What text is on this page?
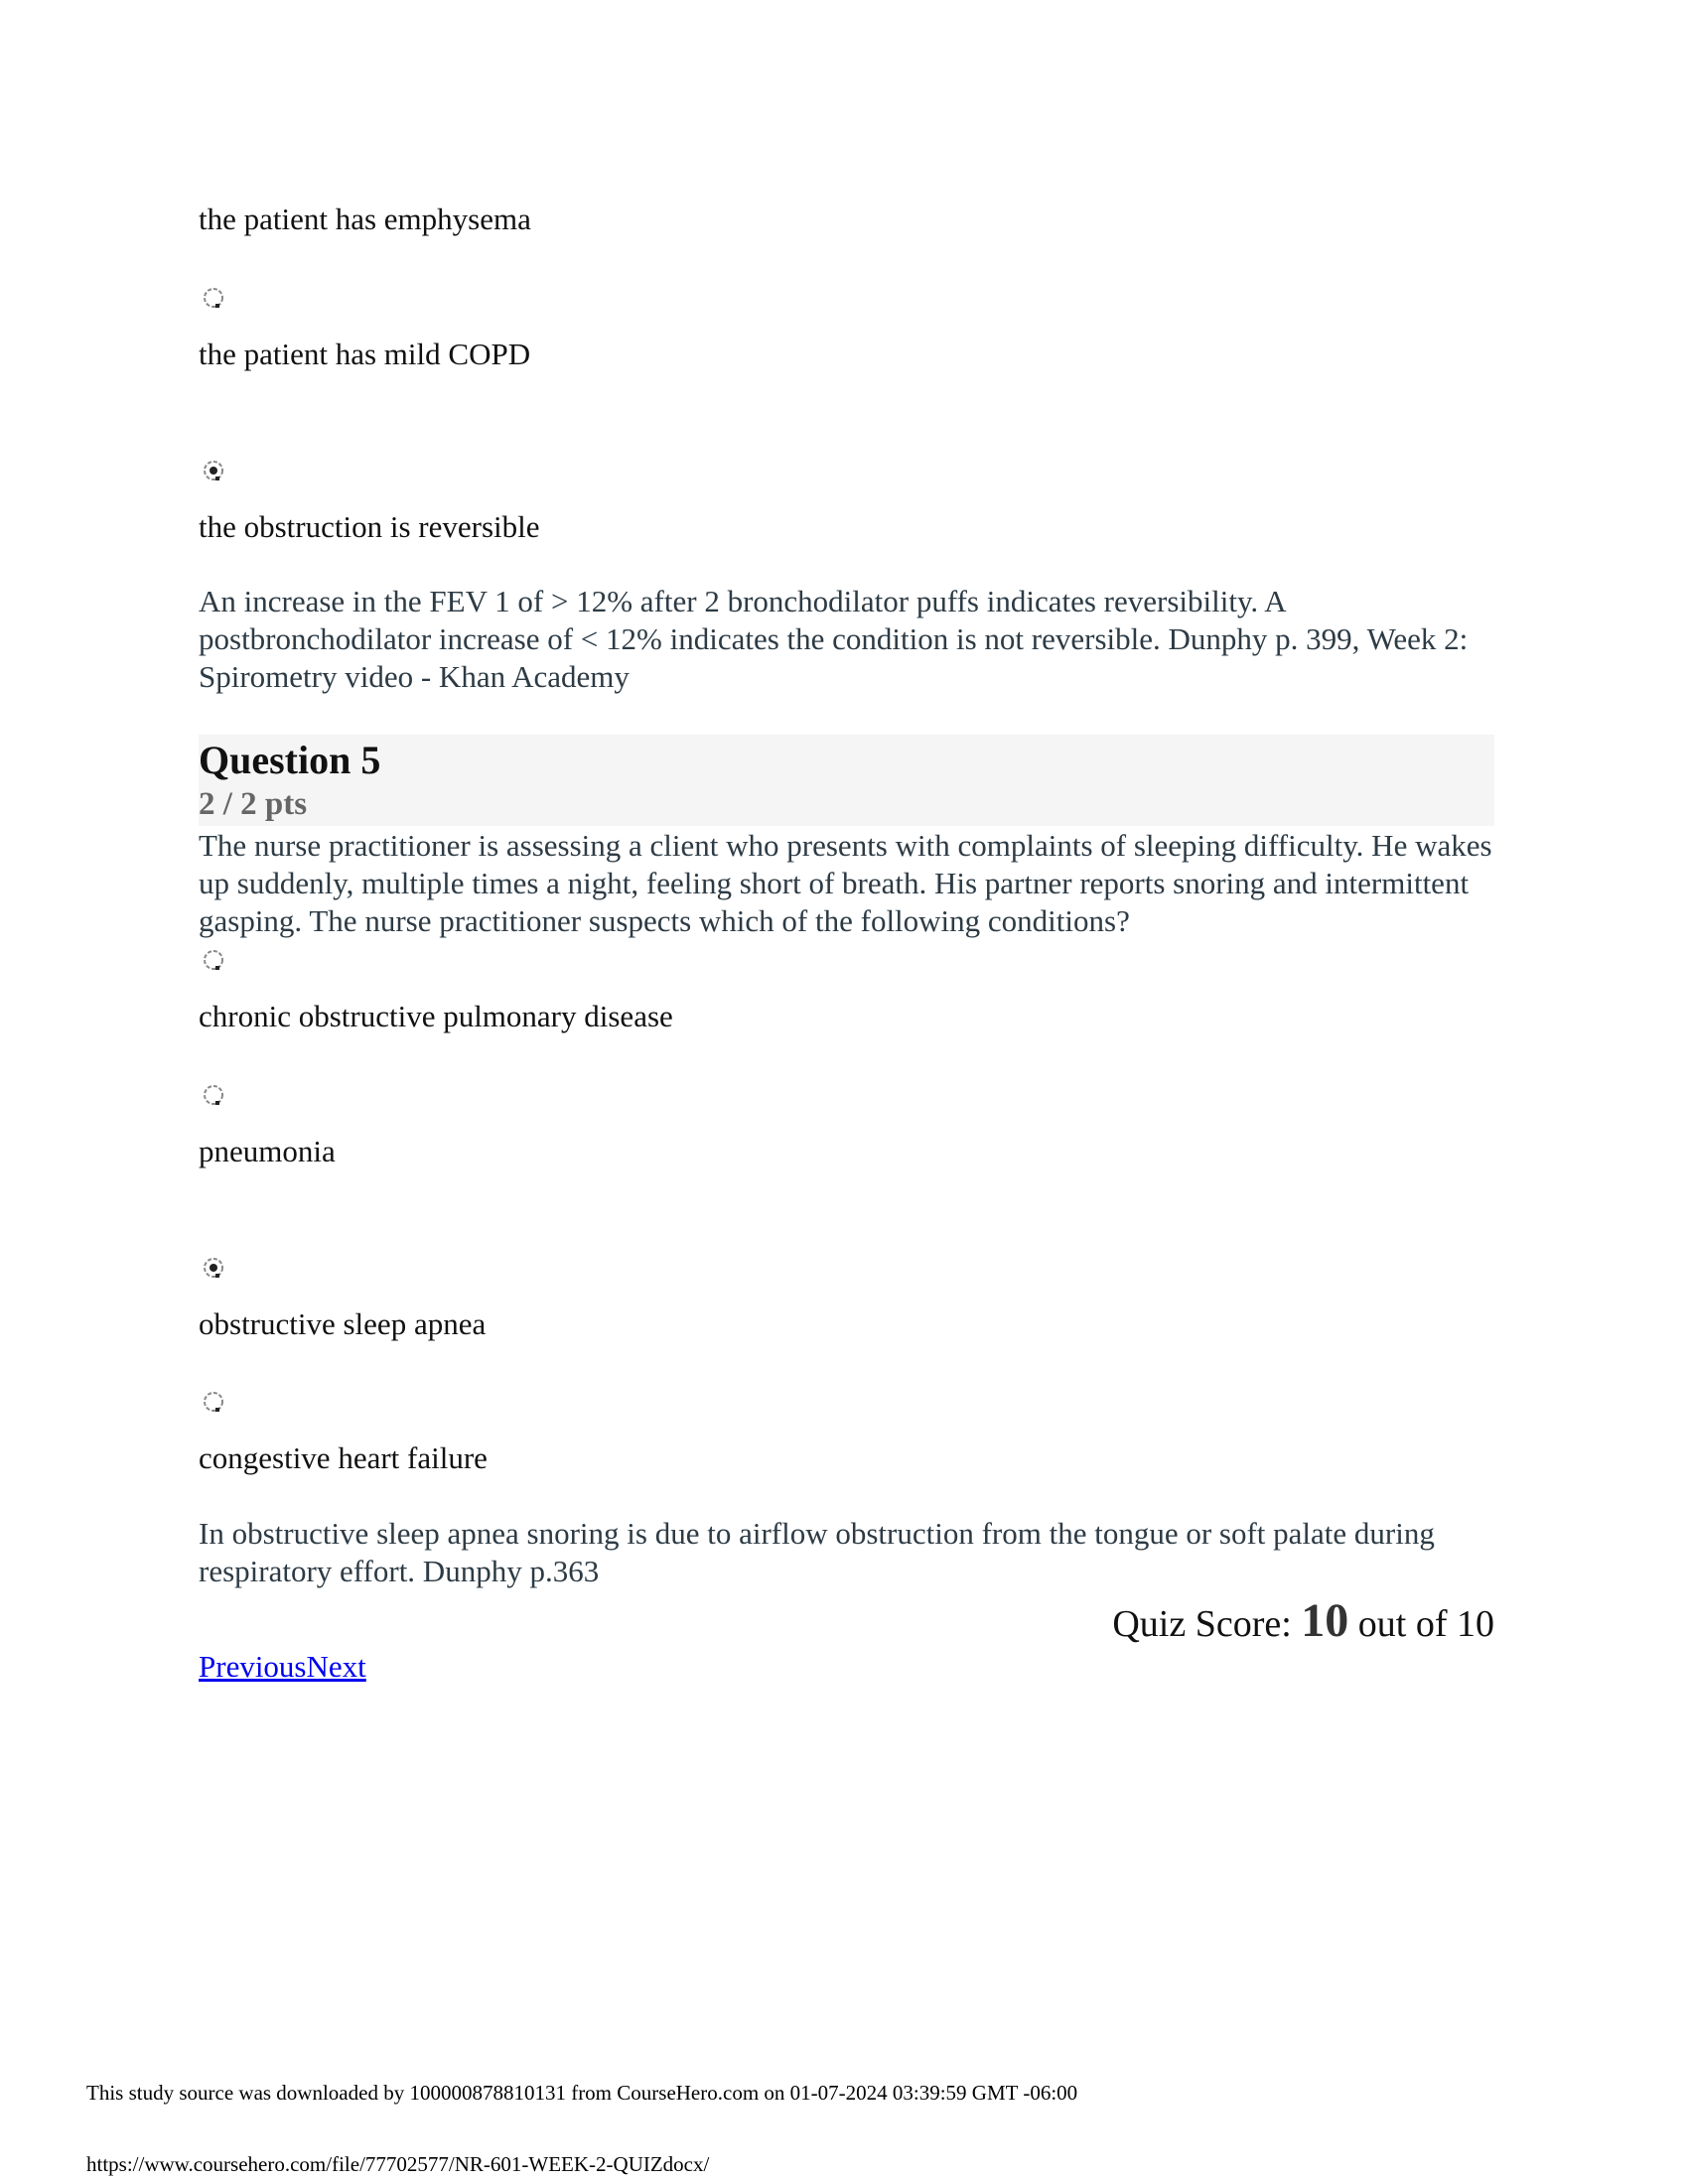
the patient has emphysema
the patient has mild COPD
the obstruction is reversible
An increase in the FEV 1 of > 12% after 2 bronchodilator puffs indicates reversibility. A postbronchodilator increase of < 12% indicates the condition is not reversible. Dunphy p. 399, Week 2: Spirometry video - Khan Academy
Question 5
2 / 2 pts
The nurse practitioner is assessing a client who presents with complaints of sleeping difficulty. He wakes up suddenly, multiple times a night, feeling short of breath. His partner reports snoring and intermittent gasping. The nurse practitioner suspects which of the following conditions?
chronic obstructive pulmonary disease
pneumonia
obstructive sleep apnea
congestive heart failure
In obstructive sleep apnea snoring is due to airflow obstruction from the tongue or soft palate during respiratory effort. Dunphy p.363
Quiz Score: 10 out of 10
PreviousNext
This study source was downloaded by 100000878810131 from CourseHero.com on 01-07-2024 03:39:59 GMT -06:00
https://www.coursehero.com/file/77702577/NR-601-WEEK-2-QUIZdocx/
